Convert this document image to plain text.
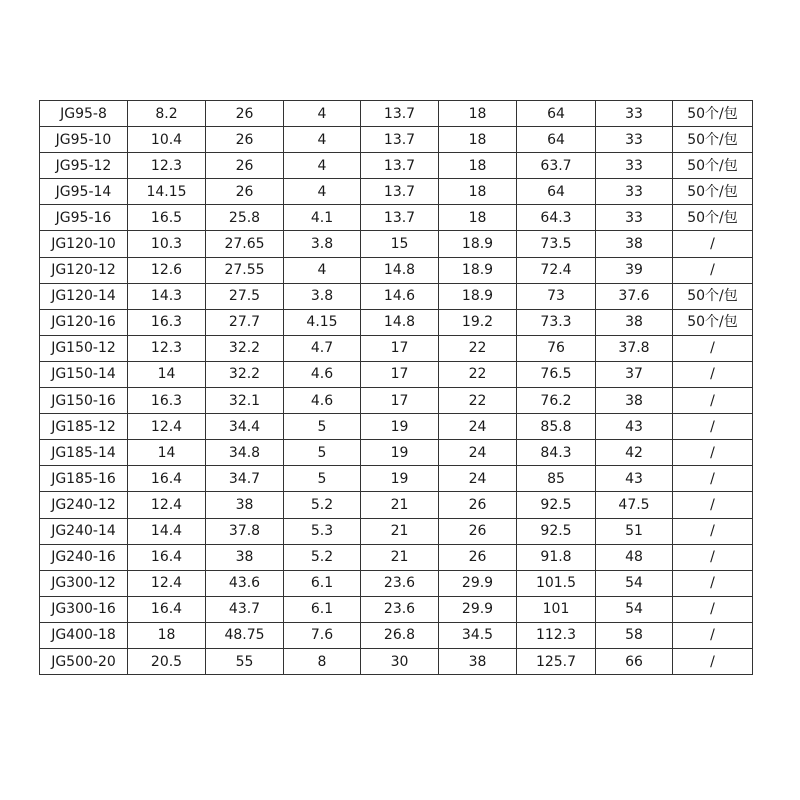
JG95-8	8.2	26	4	13.7	18	64	33	50个/包
JG95-10	10.4	26	4	13.7	18	64	33	50个/包
JG95-12	12.3	26	4	13.7	18	63.7	33	50个/包
JG95-14	14.15	26	4	13.7	18	64	33	50个/包
JG95-16	16.5	25.8	4.1	13.7	18	64.3	33	50个/包
JG120-10	10.3	27.65	3.8	15	18.9	73.5	38	/
JG120-12	12.6	27.55	4	14.8	18.9	72.4	39	/
JG120-14	14.3	27.5	3.8	14.6	18.9	73	37.6	50个/包
JG120-16	16.3	27.7	4.15	14.8	19.2	73.3	38	50个/包
JG150-12	12.3	32.2	4.7	17	22	76	37.8	/
JG150-14	14	32.2	4.6	17	22	76.5	37	/
JG150-16	16.3	32.1	4.6	17	22	76.2	38	/
JG185-12	12.4	34.4	5	19	24	85.8	43	/
JG185-14	14	34.8	5	19	24	84.3	42	/
JG185-16	16.4	34.7	5	19	24	85	43	/
JG240-12	12.4	38	5.2	21	26	92.5	47.5	/
JG240-14	14.4	37.8	5.3	21	26	92.5	51	/
JG240-16	16.4	38	5.2	21	26	91.8	48	/
JG300-12	12.4	43.6	6.1	23.6	29.9	101.5	54	/
JG300-16	16.4	43.7	6.1	23.6	29.9	101	54	/
JG400-18	18	48.75	7.6	26.8	34.5	112.3	58	/
JG500-20	20.5	55	8	30	38	125.7	66	/
